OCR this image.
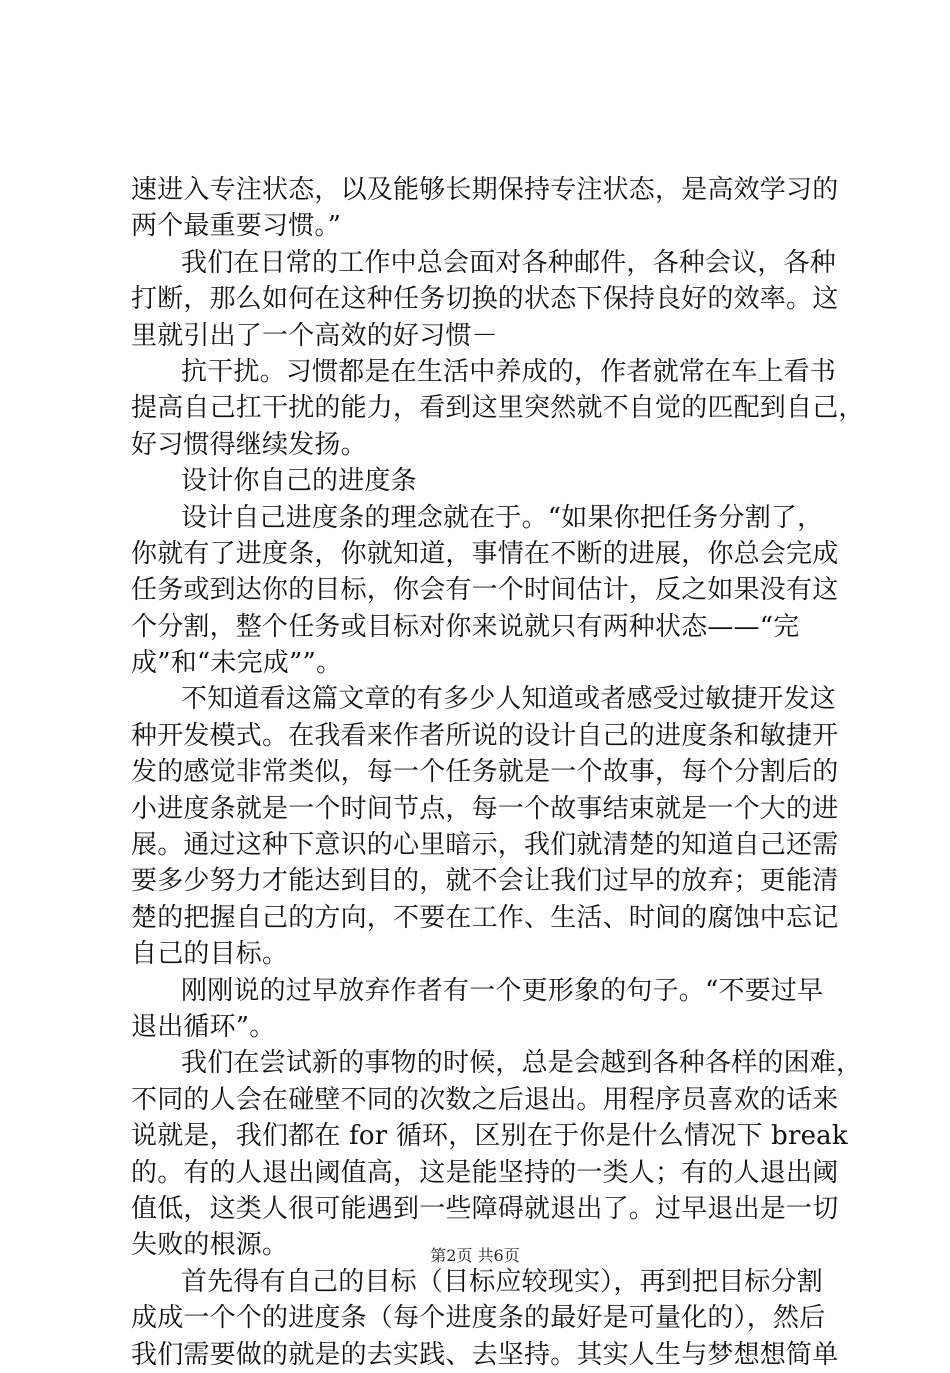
速进入专注状态，以及能够长期保持专注状态，是高效学习的
两个最重要习惯。”
我们在日常的工作中总会面对各种邮件，各种会议，各种
打断，那么如何在这种任务切换的状态下保持良好的效率。这
里就引出了一个高效的好习惯－
抗干扰。习惯都是在生活中养成的，作者就常在车上看书
提高自己扛干扰的能力，看到这里突然就不自觉的匹配到自己，
好习惯得继续发扬。
设计你自己的进度条
设计自己进度条的理念就在于。“如果你把任务分割了，
你就有了进度条，你就知道，事情在不断的进展，你总会完成
任务或到达你的目标，你会有一个时间估计，反之如果没有这
个分割，整个任务或目标对你来说就只有两种状态——“完
成”和“未完成””。
不知道看这篇文章的有多少人知道或者感受过敏捷开发这
种开发模式。在我看来作者所说的设计自己的进度条和敏捷开
发的感觉非常类似，每一个任务就是一个故事，每个分割后的
小进度条就是一个时间节点，每一个故事结束就是一个大的进
展。通过这种下意识的心里暗示，我们就清楚的知道自己还需
要多少努力才能达到目的，就不会让我们过早的放弃；更能清
楚的把握自己的方向，不要在工作、生活、时间的腐蚀中忘记
自己的目标。
刚刚说的过早放弃作者有一个更形象的句子。“不要过早
退出循环”。
我们在尝试新的事物的时候，总是会越到各种各样的困难，
不同的人会在碰壁不同的次数之后退出。用程序员喜欢的话来
说就是，我们都在 for 循环，区别在于你是什么情况下 break
的。有的人退出阈值高，这是能坚持的一类人；有的人退出阈
值低，这类人很可能遇到一些障碍就退出了。过早退出是一切
失败的根源。
首先得有自己的目标（目标应较现实），再到把目标分割
成成一个个的进度条（每个进度条的最好是可量化的），然后
我们需要做的就是的去实践、去坚持。其实人生与梦想想简单
第2页 共6页
